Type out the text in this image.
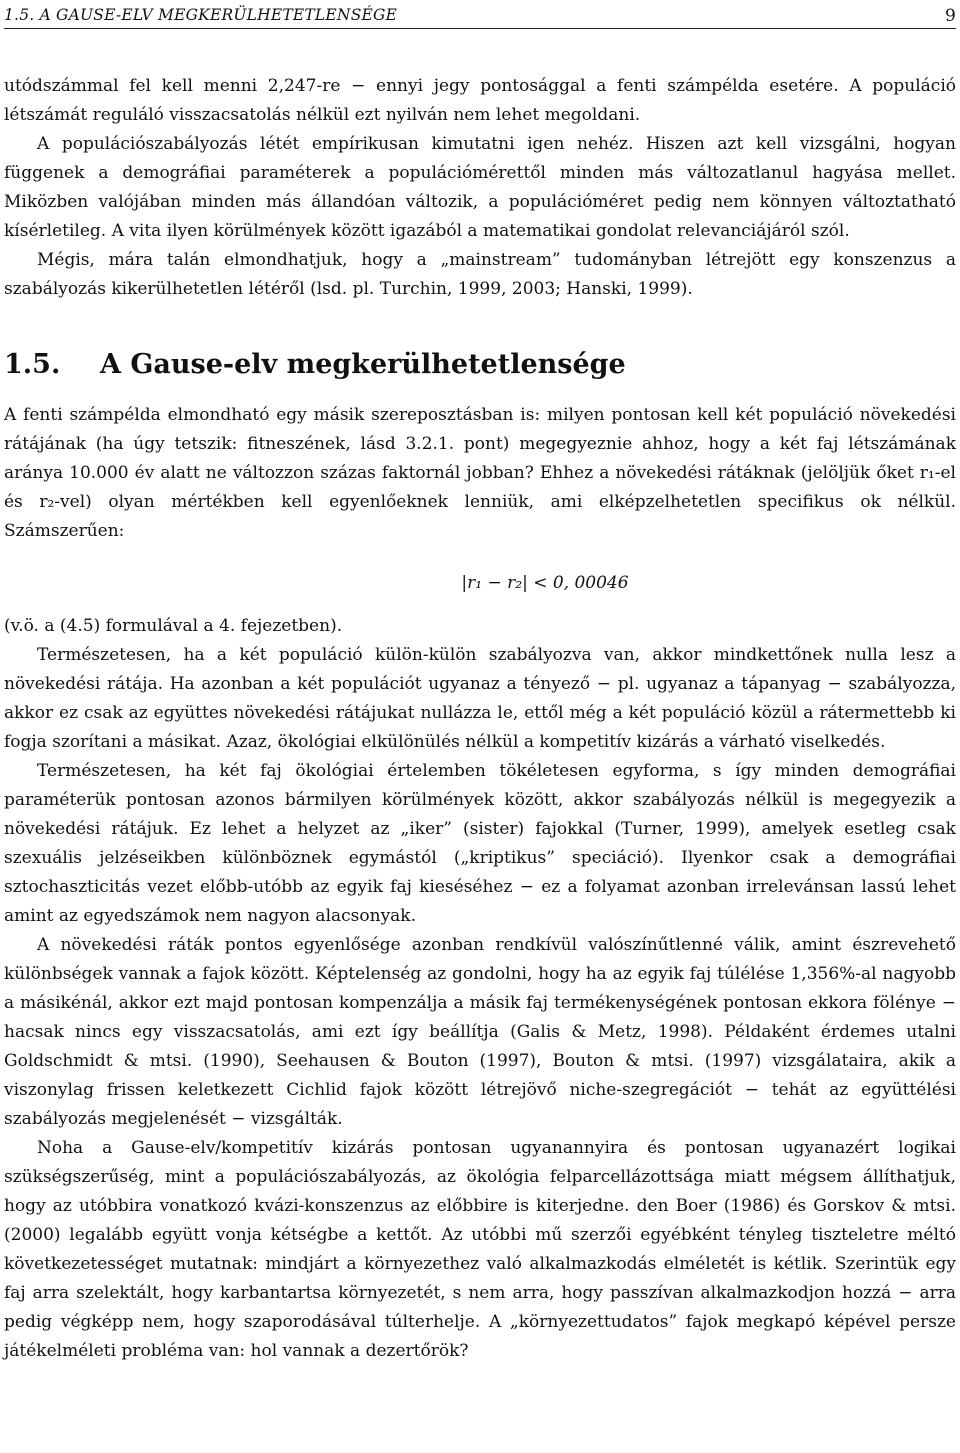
1.5. A GAUSE-ELV MEGKERÜLHETETLENSÉGE	9

utódszámmal fel kell menni 2,247-re − ennyi jegy pontosággal a fenti számpélda esetére. A populáció létszámát reguláló visszacsatolás nélkül ezt nyilván nem lehet megoldani.

A populációszabályozás létét empírikusan kimutatni igen nehéz. Hiszen azt kell vizsgálni, hogyan függenek a demográfiai paraméterek a populációmérettől minden más változatlanul hagyása mellet. Miközben valójában minden más állandóan változik, a populációméret pedig nem könnyen változtatható kísérletileg. A vita ilyen körülmények között igazából a matematikai gondolat relevanciájáról szól.

Mégis, mára talán elmondhatjuk, hogy a „mainstream” tudományban létrejött egy konszenzus a szabályozás kikerülhetetlen létéről (lsd. pl. Turchin, 1999, 2003; Hanski, 1999).

1.5. A Gause-elv megkerülhetetlensége

A fenti számpélda elmondható egy másik szereposztásban is: milyen pontosan kell két populáció növekedési rátájának (ha úgy tetszik: fitneszének, lásd 3.2.1. pont) megegyeznie ahhoz, hogy a két faj létszámának aránya 10.000 év alatt ne változzon százas faktornál jobban? Ehhez a növekedési rátáknak (jelöljük őket r₁-el és r₂-vel) olyan mértékben kell egyenlőeknek lenniük, ami elképzelhetetlen specifikus ok nélkül. Számszerűen:

|r₁ − r₂| < 0, 00046

(v.ö. a (4.5) formulával a 4. fejezetben).

Természetesen, ha a két populáció külön-külön szabályozva van, akkor mindkettőnek nulla lesz a növekedési rátája. Ha azonban a két populációt ugyanaz a tényező − pl. ugyanaz a tápanyag − szabályozza, akkor ez csak az együttes növekedési rátájukat nullázza le, ettől még a két populáció közül a rátermettebb ki fogja szorítani a másikat. Azaz, ökológiai elkülönülés nélkül a kompetitív kizárás a várható viselkedés.

Természetesen, ha két faj ökológiai értelemben tökéletesen egyforma, s így minden demográfiai paraméterük pontosan azonos bármilyen körülmények között, akkor szabályozás nélkül is megegyezik a növekedési rátájuk. Ez lehet a helyzet az „iker” (sister) fajokkal (Turner, 1999), amelyek esetleg csak szexuális jelzéseikben különböznek egymástól („kriptikus” speciáció). Ilyenkor csak a demográfiai sztochaszticitás vezet előbb-utóbb az egyik faj kieséséhez − ez a folyamat azonban irrelevánsan lassú lehet amint az egyedszámok nem nagyon alacsonyak.

A növekedési ráták pontos egyenlősége azonban rendkívül valószínűtlenné válik, amint észrevehető különbségek vannak a fajok között. Képtelenség az gondolni, hogy ha az egyik faj túlélése 1,356%-al nagyobb a másikénál, akkor ezt majd pontosan kompenzálja a másik faj termékenységének pontosan ekkora fölénye − hacsak nincs egy visszacsatolás, ami ezt így beállítja (Galis & Metz, 1998). Példaként érdemes utalni Goldschmidt & mtsi. (1990), Seehausen & Bouton (1997), Bouton & mtsi. (1997) vizsgálataira, akik a viszonylag frissen keletkezett Cichlid fajok között létrejövő niche-szegregációt − tehát az együttélési szabályozás megjelenését − vizsgálták.

Noha a Gause-elv/kompetitív kizárás pontosan ugyanannyira és pontosan ugyanazért logikai szükségszerűség, mint a populációszabályozás, az ökológia felparcellázottsága miatt mégsem állíthatjuk, hogy az utóbbira vonatkozó kvázi-konszenzus az előbbire is kiterjedne. den Boer (1986) és Gorskov & mtsi. (2000) legalább együtt vonja kétségbe a kettőt. Az utóbbi mű szerzői egyébként tényleg tiszteletre méltó következetességet mutatnak: mindjárt a környezethez való alkalmazkodás elméletét is kétlik. Szerintük egy faj arra szelektált, hogy karbantartsa környezetét, s nem arra, hogy passzívan alkalmazkodjon hozzá − arra pedig végképp nem, hogy szaporodásával túlterhelje. A „környezettudatos” fajok megkapó képével persze játékelméleti probléma van: hol vannak a dezertőrök?
